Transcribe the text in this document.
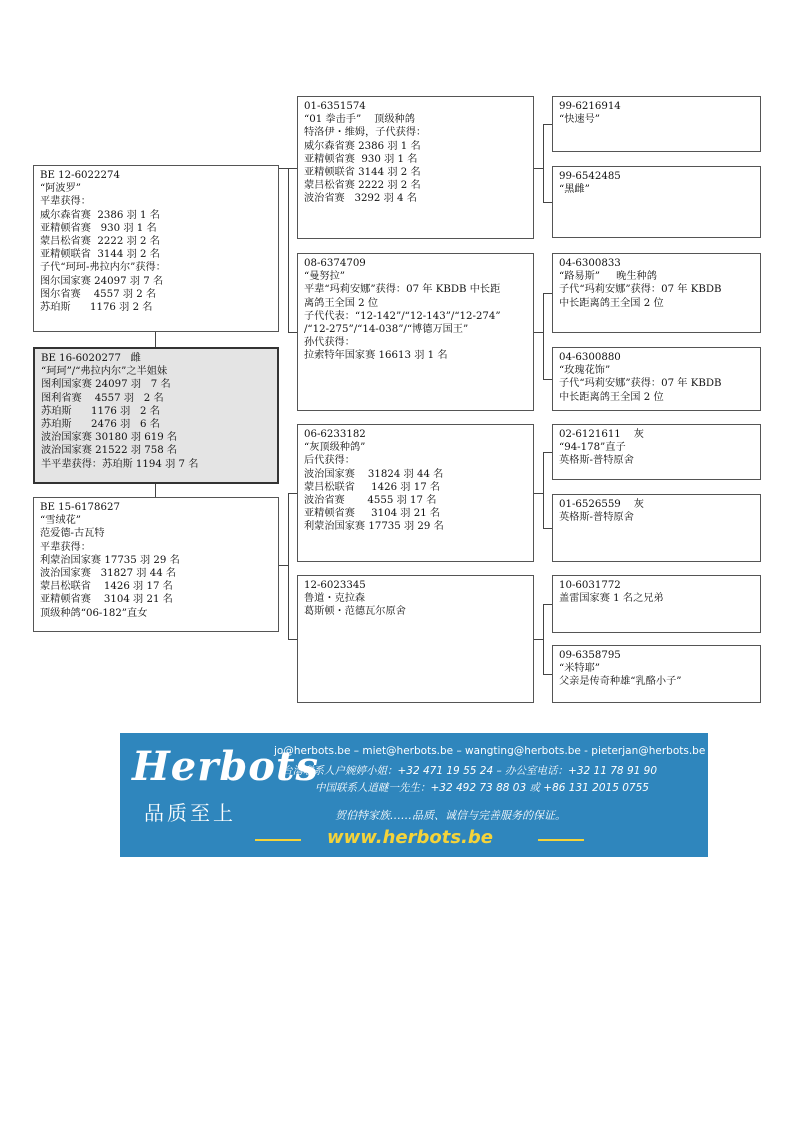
BE 12-6022274
“阿波罗”
平辈获得：
威尔森省赛  2386 羽 1 名
亚精顿省赛   930 羽 1 名
蒙吕松省赛  2222 羽 2 名
亚精顿联省  3144 羽 2 名
子代“珂珂-弗拉内尔”获得：
图尔国家赛 24097 羽 7 名
图尔省赛    4557 羽 2 名
苏珀斯      1176 羽 2 名
BE 16-6020277   雌
“珂珂”/“弗拉内尔”之半姐妹
图利国家赛 24097 羽   7 名
图利省赛    4557 羽   2 名
苏珀斯      1176 羽   2 名
苏珀斯      2476 羽   6 名
波治国家赛 30180 羽 619 名
波治国家赛 21522 羽 758 名
半平辈获得：苏珀斯 1194 羽 7 名
BE 15-6178627
“雪绒花”
范爱德-古瓦特
平辈获得：
利蒙治国家赛 17735 羽 29 名
波治国家赛   31827 羽 44 名
蒙吕松联省    1426 羽 17 名
亚精顿省赛    3104 羽 21 名
顶级种鸽“06-182”直女
01-6351574
“01 拳击手”    顶级种鸽
特洛伊・维姆，子代获得：
威尔森省赛 2386 羽 1 名
亚精顿省赛  930 羽 1 名
亚精顿联省 3144 羽 2 名
蒙吕松省赛 2222 羽 2 名
波治省赛   3292 羽 4 名
08-6374709
“曼努拉”
平辈“玛莉安娜”获得：07 年 KBDB 中长距
离鸽王全国 2 位
子代代表：“12-142”/“12-143”/“12-274”
/“12-275”/“14-038”/“博德万国王”
孙代获得：
拉索特年国家赛 16613 羽 1 名
06-6233182
“灰顶级种鸽”
后代获得：
波治国家赛    31824 羽 44 名
蒙吕松联省     1426 羽 17 名
波治省赛       4555 羽 17 名
亚精顿省赛     3104 羽 21 名
利蒙治国家赛 17735 羽 29 名
12-6023345
鲁道・克拉森
葛斯顿・范德瓦尔原舍
99-6216914
“快速号”
99-6542485
“黑雌”
04-6300833
“路易斯”     晚生种鸽
子代“玛莉安娜”获得：07 年 KBDB
中长距离鸽王全国 2 位
04-6300880
“玫瑰花饰”
子代“玛莉安娜”获得：07 年 KBDB
中长距离鸽王全国 2 位
02-6121611    灰
“94-178”直子
英格斯-普特原舍
01-6526559    灰
英格斯-普特原舍
10-6031772
盖雷国家赛 1 名之兄弟
09-6358795
“米特耶”
父亲是传奇种雄“乳酪小子”
Herbots
品质至上
jo@herbots.be – miet@herbots.be – wangting@herbots.be - pieterjan@herbots.be
台湾联系人户婉婷小姐：+32 471 19 55 24 – 办公室电话：+32 11 78 91 90
中国联系人逍瞇一先生：+32 492 73 88 03 或 +86 131 2015 0755
贺伯特家族……品质、诚信与完善服务的保证。
www.herbots.be
